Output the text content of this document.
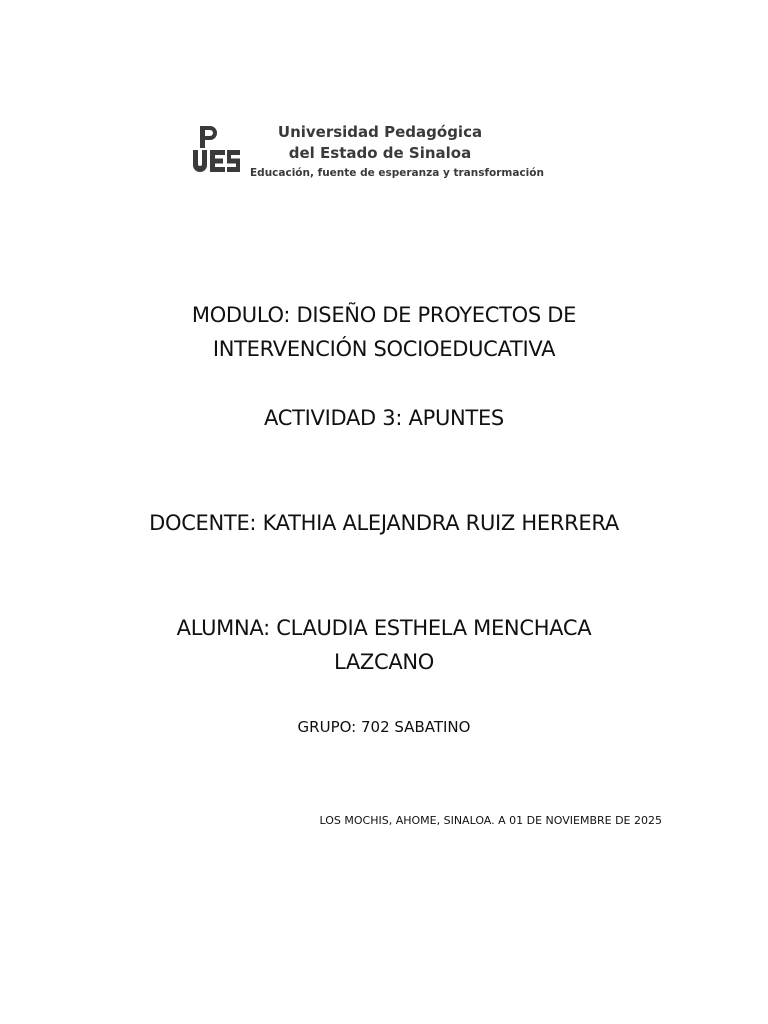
Universidad Pedagógica
del Estado de Sinaloa
Educación, fuente de esperanza y transformación
MODULO: DISEÑO DE PROYECTOS DE
INTERVENCIÓN SOCIOEDUCATIVA
ACTIVIDAD 3: APUNTES
DOCENTE: KATHIA ALEJANDRA RUIZ HERRERA
ALUMNA: CLAUDIA ESTHELA MENCHACA
LAZCANO
GRUPO: 702 SABATINO
LOS MOCHIS, AHOME, SINALOA. A 01 DE NOVIEMBRE DE 2025
